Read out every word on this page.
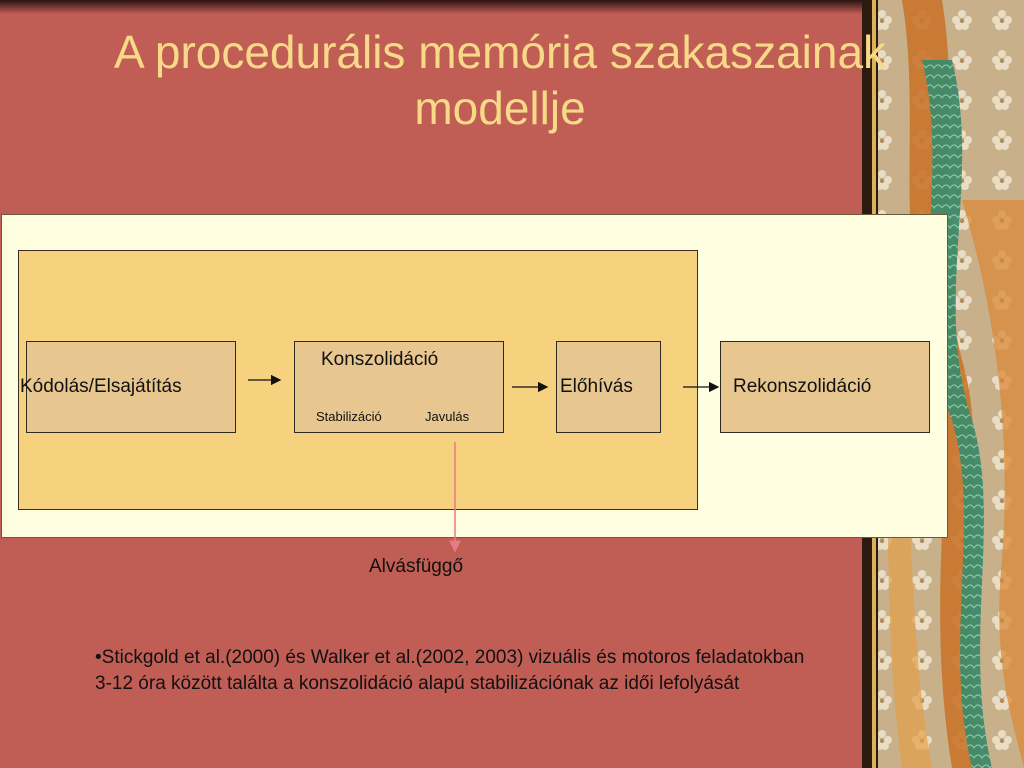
A procedurális memória szakaszainak
modellje
Kódolás/Elsajátítás
Konszolidáció
Stabilizáció	Javulás
Előhívás	Rekonszolidáció
Alvásfüggő

•Stickgold et al.(2000) és Walker et al.(2002, 2003) vizuális és motoros feladatokban 3-12 óra között találta a konszolidáció alapú stabilizációnak az idői lefolyását
